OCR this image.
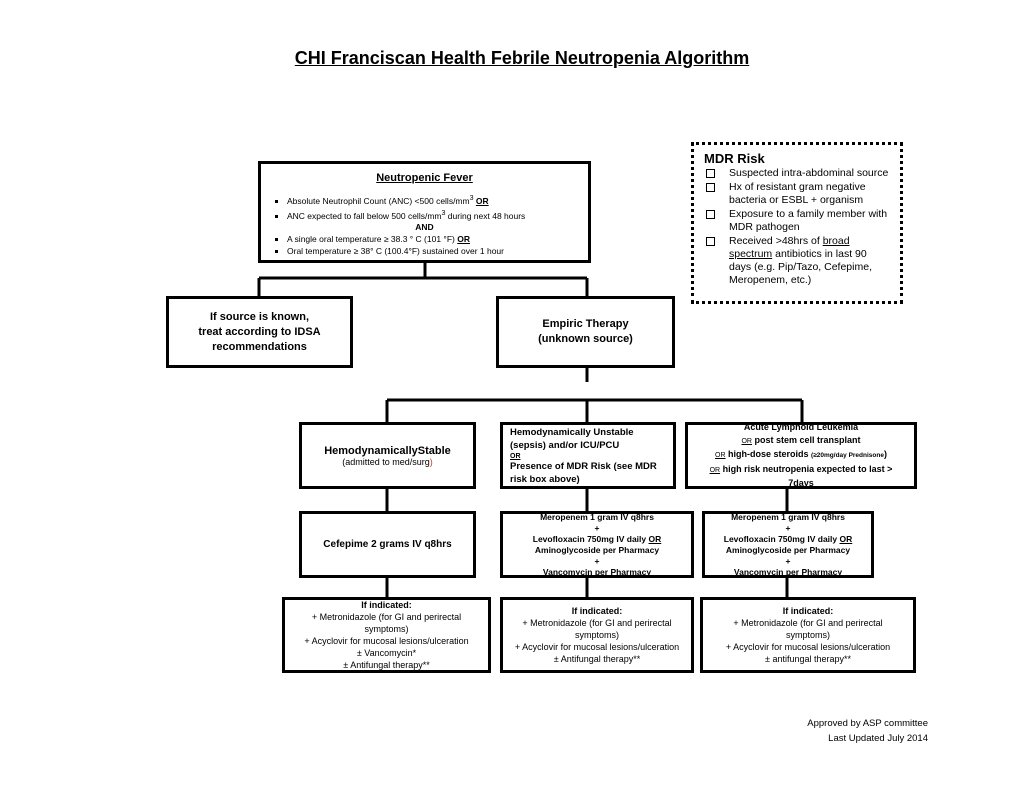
CHI Franciscan Health Febrile Neutropenia Algorithm
Neutropenic Fever
▪ Absolute Neutrophil Count (ANC) <500 cells/$mm^3$ OR
▪ ANC expected to fall below 500 cells/$mm^3$ during next 48 hours
AND
▪ A single oral temperature ≥ 38.3 ° C (101 °F) OR
▪ Oral temperature ≥ 38° C (100.4°F) sustained over 1 hour
MDR Risk
Suspected intra-abdominal source
Hx of resistant gram negative bacteria or ESBL + organism
Exposure to a family member with MDR pathogen
Received >48hrs of broad spectrum antibiotics in last 90 days (e.g. Pip/Tazo, Cefepime, Meropenem, etc.)
If source is known,
treat according to IDSA
recommendations
Empiric Therapy
(unknown source)
HemodynamicallyStable
(admitted to med/surg)
Hemodynamically Unstable
(sepsis) and/or ICU/PCU
OR
Presence of MDR Risk (see MDR risk box above)
Acute Lymphoid Leukemia
OR post stem cell transplant
OR high-dose steroids (≥20mg/day Prednisone)
OR high risk neutropenia expected to last >
7days
Cefepime 2 grams IV q8hrs
Meropenem 1 gram IV q8hrs
+
Levofloxacin 750mg IV daily OR
Aminoglycoside per Pharmacy
+
Vancomycin per Pharmacy
Meropenem 1 gram IV q8hrs
+
Levofloxacin 750mg IV daily OR
Aminoglycoside per Pharmacy
+
Vancomycin per Pharmacy
If indicated:
+ Metronidazole (for GI and perirectal
symptoms)
+ Acyclovir for mucosal lesions/ulceration
± Vancomycin*
± Antifungal therapy**
If indicated:
+ Metronidazole (for GI and perirectal
symptoms)
+ Acyclovir for mucosal lesions/ulceration
± Antifungal therapy**
If indicated:
+ Metronidazole (for GI and perirectal
symptoms)
+ Acyclovir for mucosal lesions/ulceration
± antifungal therapy**
Approved by ASP committee
Last Updated July 2014
